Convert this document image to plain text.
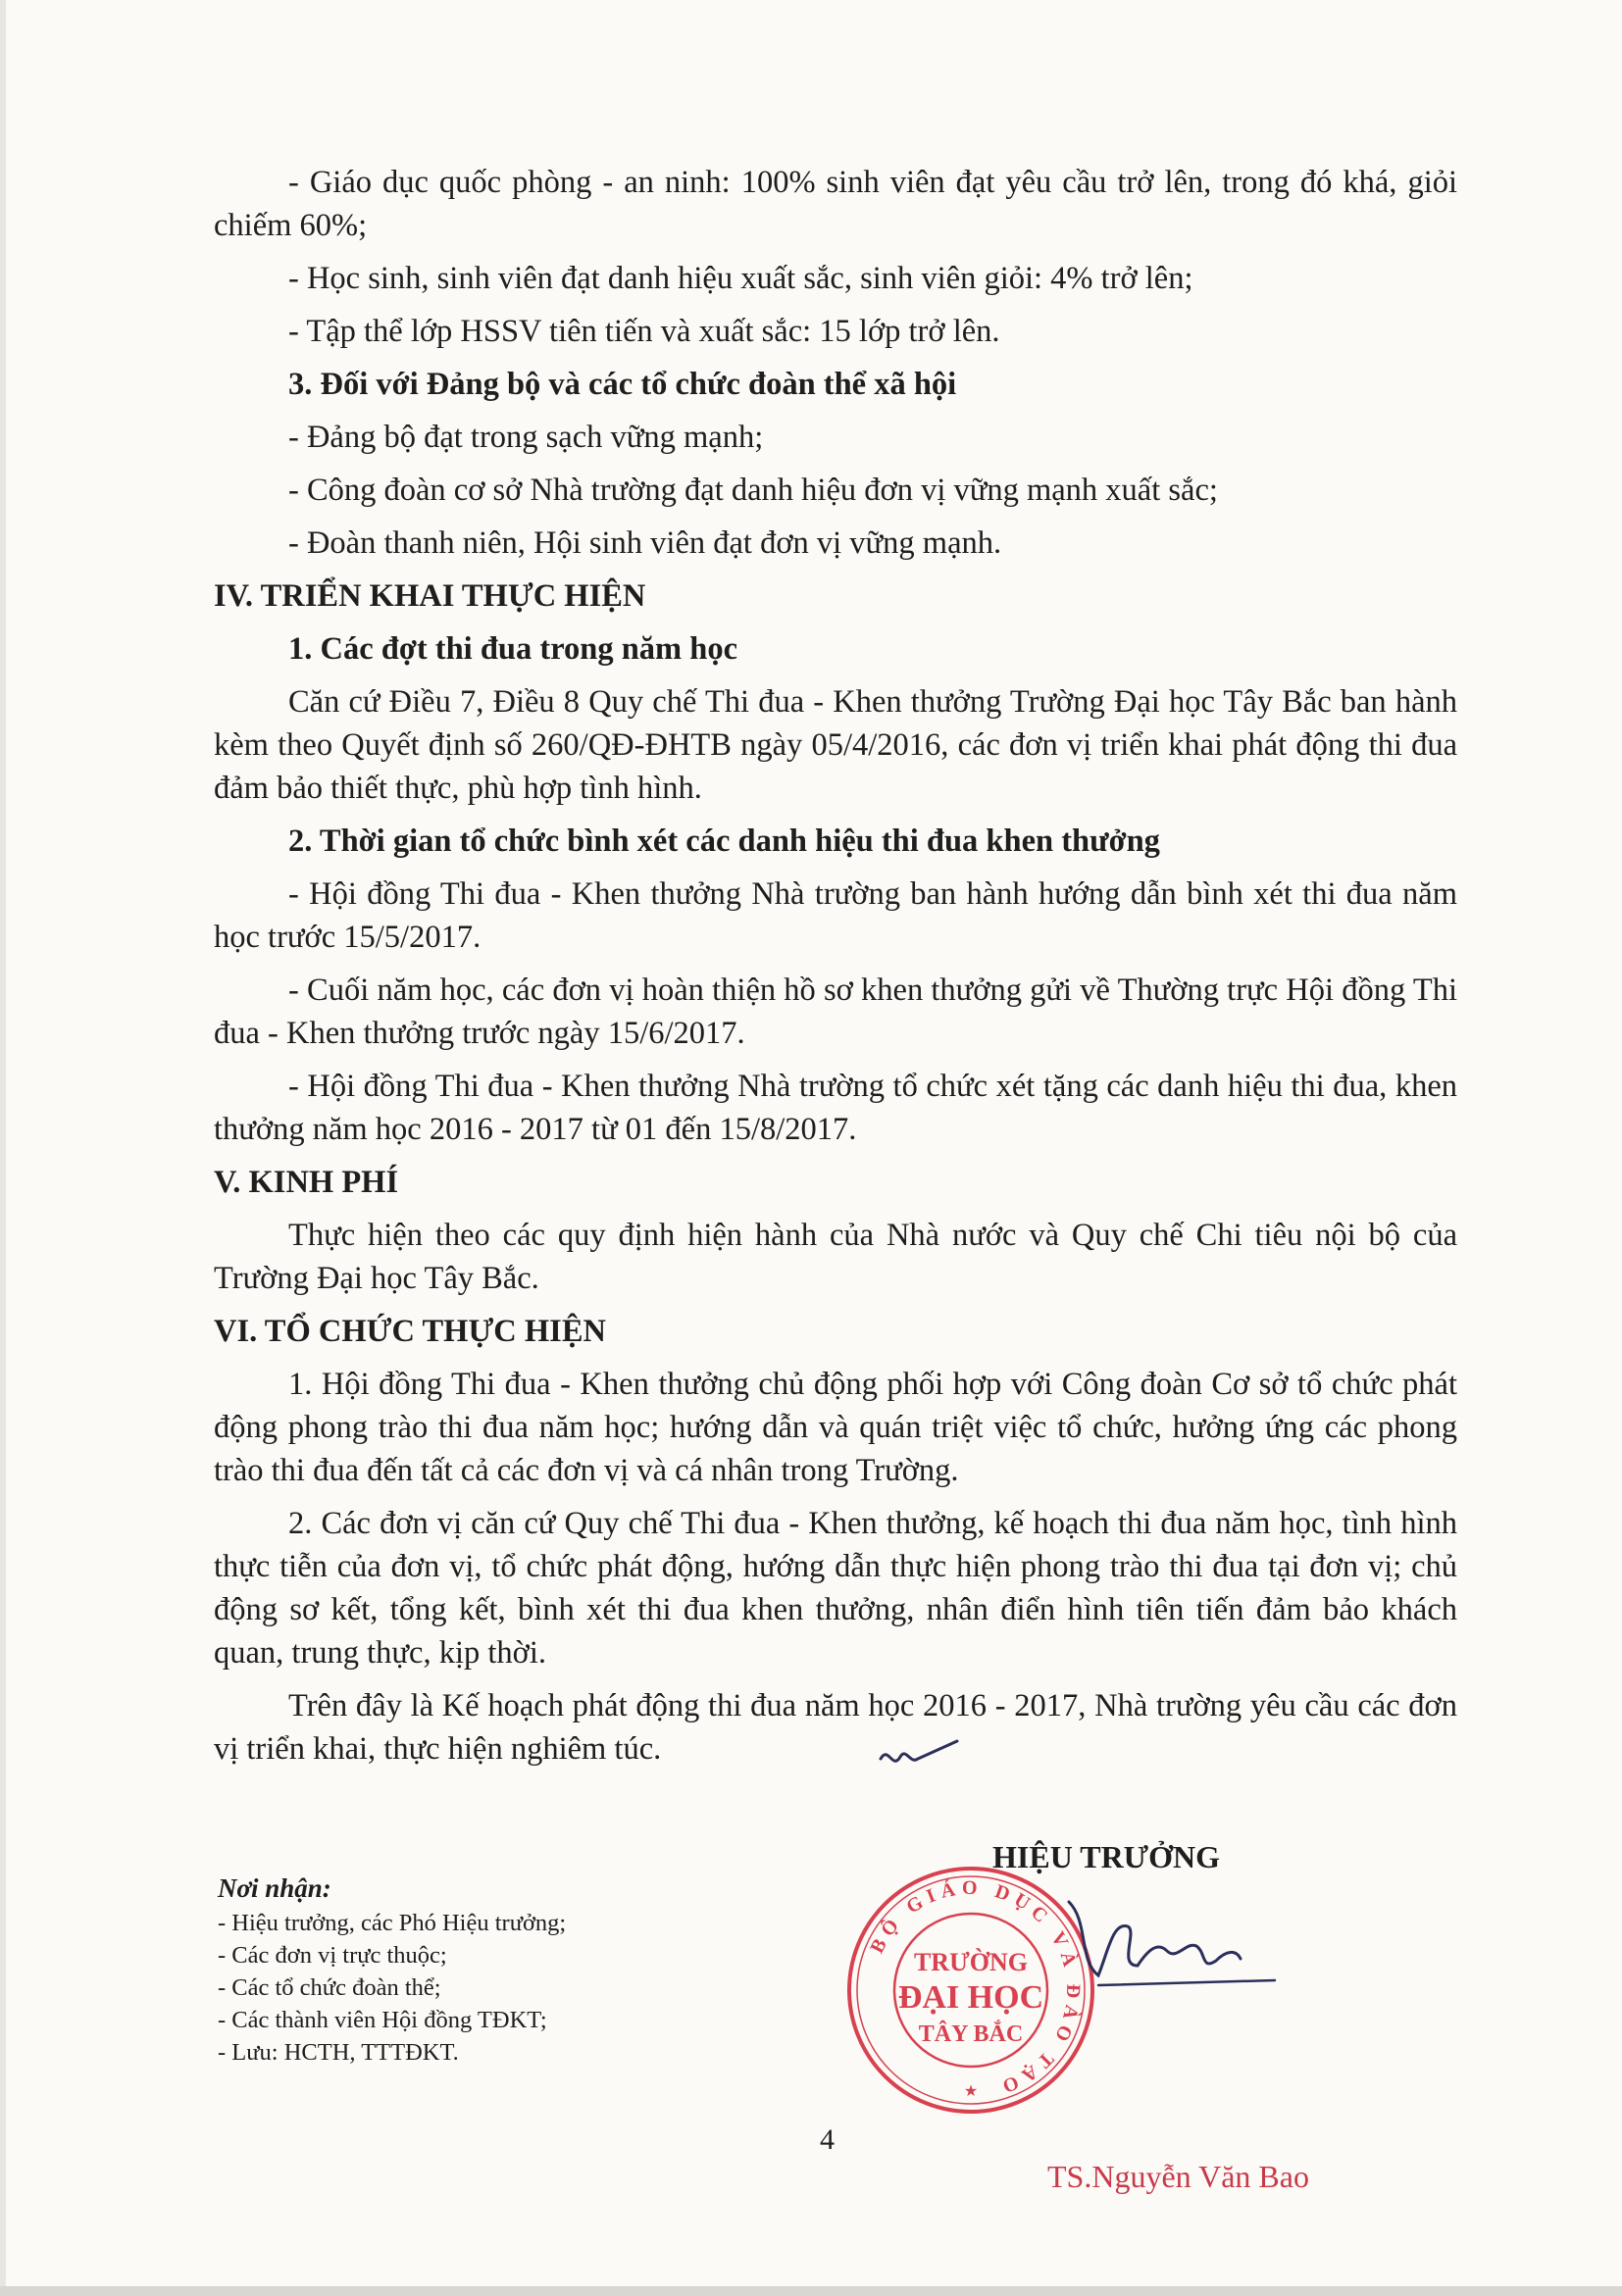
- Giáo dục quốc phòng - an ninh: 100% sinh viên đạt yêu cầu trở lên, trong đó khá, giỏi chiếm 60%;

- Học sinh, sinh viên đạt danh hiệu xuất sắc, sinh viên giỏi: 4% trở lên;

- Tập thể lớp HSSV tiên tiến và xuất sắc: 15 lớp trở lên.

3. Đối với Đảng bộ và các tổ chức đoàn thể xã hội

- Đảng bộ đạt trong sạch vững mạnh;

- Công đoàn cơ sở Nhà trường đạt danh hiệu đơn vị vững mạnh xuất sắc;

- Đoàn thanh niên, Hội sinh viên đạt đơn vị vững mạnh.

IV. TRIỂN KHAI THỰC HIỆN

1. Các đợt thi đua trong năm học

Căn cứ Điều 7, Điều 8 Quy chế Thi đua - Khen thưởng Trường Đại học Tây Bắc ban hành kèm theo Quyết định số 260/QĐ-ĐHTB ngày 05/4/2016, các đơn vị triển khai phát động thi đua đảm bảo thiết thực, phù hợp tình hình.

2. Thời gian tổ chức bình xét các danh hiệu thi đua khen thưởng

- Hội đồng Thi đua - Khen thưởng Nhà trường ban hành hướng dẫn bình xét thi đua năm học trước 15/5/2017.

- Cuối năm học, các đơn vị hoàn thiện hồ sơ khen thưởng gửi về Thường trực Hội đồng Thi đua - Khen thưởng trước ngày 15/6/2017.

- Hội đồng Thi đua - Khen thưởng Nhà trường tổ chức xét tặng các danh hiệu thi đua, khen thưởng năm học 2016 - 2017 từ 01 đến 15/8/2017.

V. KINH PHÍ

Thực hiện theo các quy định hiện hành của Nhà nước và Quy chế Chi tiêu nội bộ của Trường Đại học Tây Bắc.

VI. TỔ CHỨC THỰC HIỆN

1. Hội đồng Thi đua - Khen thưởng chủ động phối hợp với Công đoàn Cơ sở tổ chức phát động phong trào thi đua năm học; hướng dẫn và quán triệt việc tổ chức, hưởng ứng các phong trào thi đua đến tất cả các đơn vị và cá nhân trong Trường.

2. Các đơn vị căn cứ Quy chế Thi đua - Khen thưởng, kế hoạch thi đua năm học, tình hình thực tiễn của đơn vị, tổ chức phát động, hướng dẫn thực hiện phong trào thi đua tại đơn vị; chủ động sơ kết, tổng kết, bình xét thi đua khen thưởng, nhân điển hình tiên tiến đảm bảo khách quan, trung thực, kịp thời.

Trên đây là Kế hoạch phát động thi đua năm học 2016 - 2017, Nhà trường yêu cầu các đơn vị triển khai, thực hiện nghiêm túc.

Nơi nhận:
- Hiệu trưởng, các Phó Hiệu trưởng;
- Các đơn vị trực thuộc;
- Các tổ chức đoàn thể;
- Các thành viên Hội đồng TĐKT;
- Lưu: HCTH, TTTĐKT.
HIỆU TRƯỞNG
BỘ GIÁO DỤC VÀ ĐÀO TẠO
TRƯỜNG
ĐẠI HỌC
TÂY BẮC
★
4
TS.Nguyễn Văn Bao
